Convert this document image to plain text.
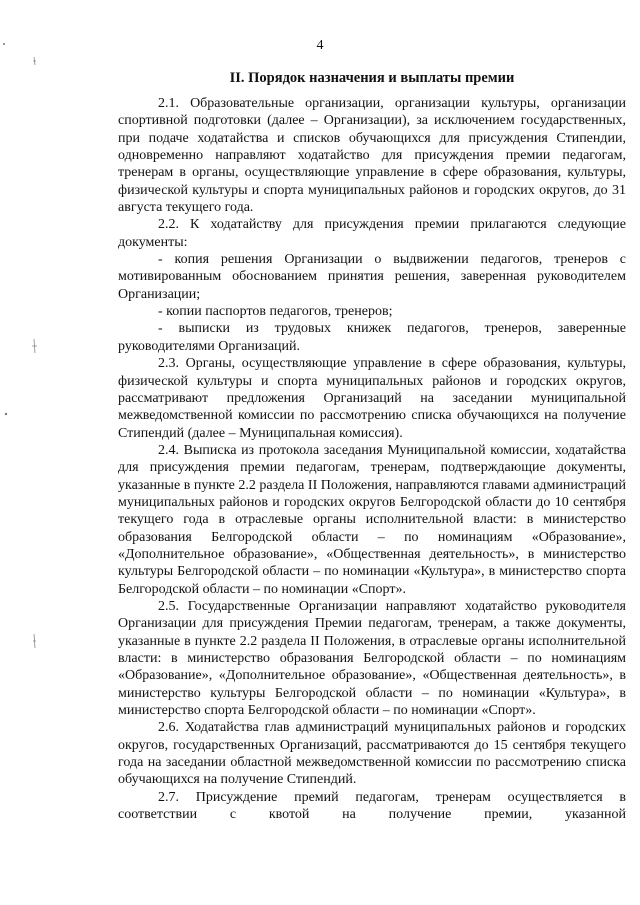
4
II. Порядок назначения и выплаты премии

2.1. Образовательные организации, организации культуры, организации спортивной подготовки (далее – Организации), за исключением государственных, при подаче ходатайства и списков обучающихся для присуждения Стипендии, одновременно направляют ходатайство для присуждения премии педагогам, тренерам в органы, осуществляющие управление в сфере образования, культуры, физической культуры и спорта муниципальных районов и городских округов, до 31 августа текущего года.

2.2. К ходатайству для присуждения премии прилагаются следующие документы:

- копия решения Организации о выдвижении педагогов, тренеров с мотивированным обоснованием принятия решения, заверенная руководителем Организации;

- копии паспортов педагогов, тренеров;

- выписки из трудовых книжек педагогов, тренеров, заверенные руководителями Организаций.

2.3. Органы, осуществляющие управление в сфере образования, культуры, физической культуры и спорта муниципальных районов и городских округов, рассматривают предложения Организаций на заседании муниципальной межведомственной комиссии по рассмотрению списка обучающихся на получение Стипендий (далее – Муниципальная комиссия).

2.4. Выписка из протокола заседания Муниципальной комиссии, ходатайства для присуждения премии педагогам, тренерам, подтверждающие документы, указанные в пункте 2.2 раздела II Положения, направляются главами администраций муниципальных районов и городских округов Белгородской области до 10 сентября текущего года в отраслевые органы исполнительной власти: в министерство образования Белгородской области – по номинациям «Образование», «Дополнительное образование», «Общественная деятельность», в министерство культуры Белгородской области – по номинации «Культура», в министерство спорта Белгородской области – по номинации «Спорт».

2.5. Государственные Организации направляют ходатайство руководителя Организации для присуждения Премии педагогам, тренерам, а также документы, указанные в пункте 2.2 раздела II Положения, в отраслевые органы исполнительной власти: в министерство образования Белгородской области – по номинациям «Образование», «Дополнительное образование», «Общественная деятельность», в министерство культуры Белгородской области – по номинации «Культура», в министерство спорта Белгородской области – по номинации «Спорт».

2.6. Ходатайства глав администраций муниципальных районов и городских округов, государственных Организаций, рассматриваются до 15 сентября текущего года на заседании областной межведомственной комиссии по рассмотрению списка обучающихся на получение Стипендий.

2.7. Присуждение премий педагогам, тренерам осуществляется в соответствии с квотой на получение премии, указанной
